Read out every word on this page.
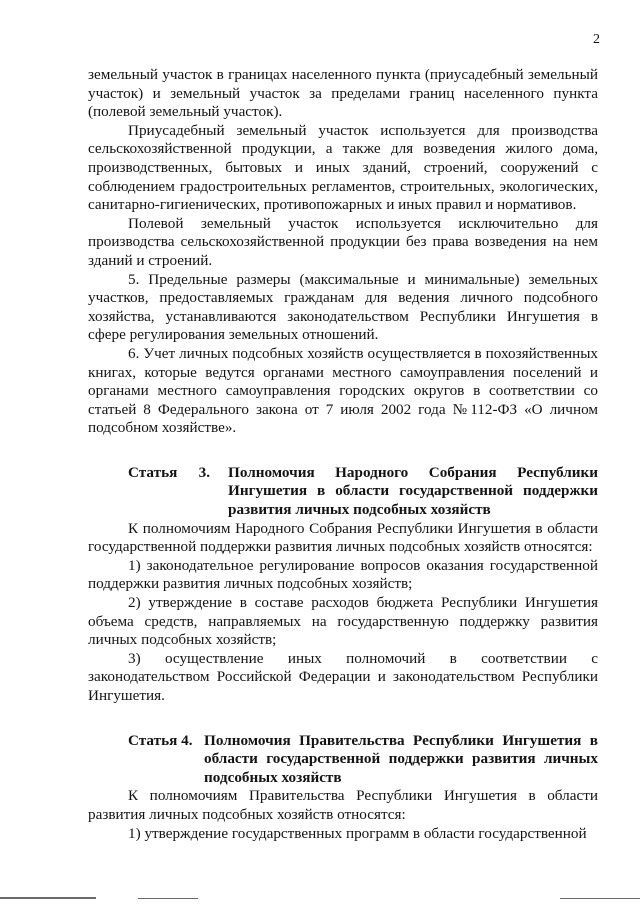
2

земельный участок в границах населенного пункта (приусадебный земельный участок) и земельный участок за пределами границ населенного пункта (полевой земельный участок).

Приусадебный земельный участок используется для производства сельскохозяйственной продукции, а также для возведения жилого дома, производственных, бытовых и иных зданий, строений, сооружений с соблюдением градостроительных регламентов, строительных, экологических, санитарно-гигиенических, противопожарных и иных правил и нормативов.

Полевой земельный участок используется исключительно для производства сельскохозяйственной продукции без права возведения на нем зданий и строений.

5. Предельные размеры (максимальные и минимальные) земельных участков, предоставляемых гражданам для ведения личного подсобного хозяйства, устанавливаются законодательством Республики Ингушетия в сфере регулирования земельных отношений.

6. Учет личных подсобных хозяйств осуществляется в похозяйственных книгах, которые ведутся органами местного самоуправления поселений и органами местного самоуправления городских округов в соответствии со статьей 8 Федерального закона от 7 июля 2002 года №112-ФЗ «О личном подсобном хозяйстве».

Статья 3. Полномочия Народного Собрания Республики Ингушетия в области государственной поддержки развития личных подсобных хозяйств

К полномочиям Народного Собрания Республики Ингушетия в области государственной поддержки развития личных подсобных хозяйств относятся:

1) законодательное регулирование вопросов оказания государственной поддержки развития личных подсобных хозяйств;

2) утверждение в составе расходов бюджета Республики Ингушетия объема средств, направляемых на государственную поддержку развития личных подсобных хозяйств;

3) осуществление иных полномочий в соответствии с законодательством Российской Федерации и законодательством Республики Ингушетия.

Статья 4. Полномочия Правительства Республики Ингушетия в области государственной поддержки развития личных подсобных хозяйств

К полномочиям Правительства Республики Ингушетия в области развития личных подсобных хозяйств относятся:

1) утверждение государственных программ в области государственной
